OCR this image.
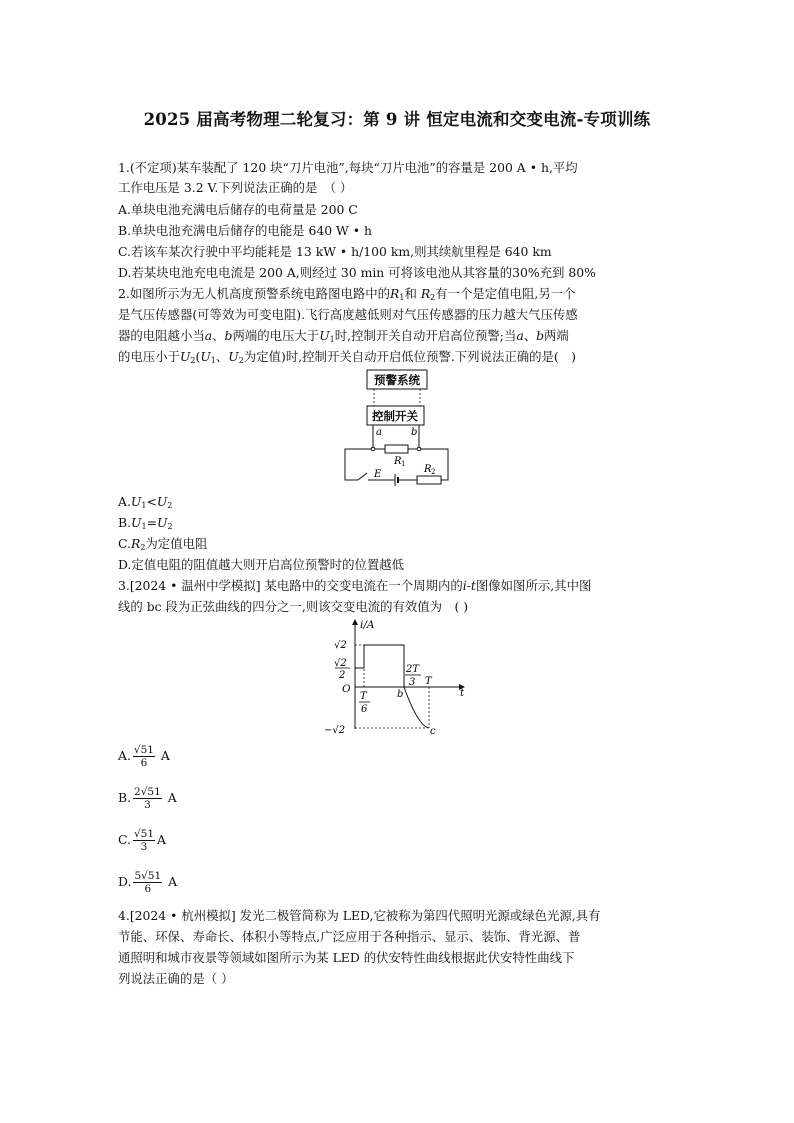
2025 届高考物理二轮复习：第 9 讲 恒定电流和交变电流-专项训练
1.(不定项)某车装配了 120 块“刀片电池”,每块“刀片电池”的容量是 200 A • h,平均
工作电压是 3.2 V.下列说法正确的是　（ ）
A.单块电池充满电后储存的电荷量是 200 C
B.单块电池充满电后储存的电能是 640 W • h
C.若该车某次行驶中平均能耗是 13 kW • h/100 km,则其续航里程是 640 km
D.若某块电池充电电流是 200 A,则经过 30 min 可将该电池从其容量的30%充到 80%
2.如图所示为无人机高度预警系统电路图电路中的$R_1$和 $R_2$有一个是定值电阻,另一个
是气压传感器(可等效为可变电阻).飞行高度越低则对气压传感器的压力越大气压传感
器的电阻越小当a、b两端的电压大于$U_1$时,控制开关自动开启高位预警;当a、b两端
的电压小于$U_2(U_1$、$U_2$为定值)时,控制开关自动开启低位预警.下列说法正确的是(　)
预警系统
控制开关
a	b
R 1
E	R 2
$A.U_1<U_2$
$B.U_1=U_2$
$C.R_2$为定值电阻
D.定值电阻的阻值越大则开启高位预警时的位置越低
3.[2024 • 温州中学模拟] 某电路中的交变电流在一个周期内的i-t图像如图所示,其中图
线的 bc 段为正弦曲线的四分之一,则该交变电流的有效值为　( )
i/A
t
O
√2
√2
2
−√2
T
6
2T
3 T
b
c
A. $\frac{√51}{6}$ A
B. $\frac{2√51}{3}$ A
C. $\frac{√51}{3}$ A
D. $\frac{5√51}{6}$ A
4.[2024 • 杭州模拟] 发光二极管简称为 LED,它被称为第四代照明光源或绿色光源,具有
节能、环保、寿命长、体积小等特点,广泛应用于各种指示、显示、装饰、背光源、普
通照明和城市夜景等领域如图所示为某 LED 的伏安特性曲线根据此伏安特性曲线下
列说法正确的是（ ）
